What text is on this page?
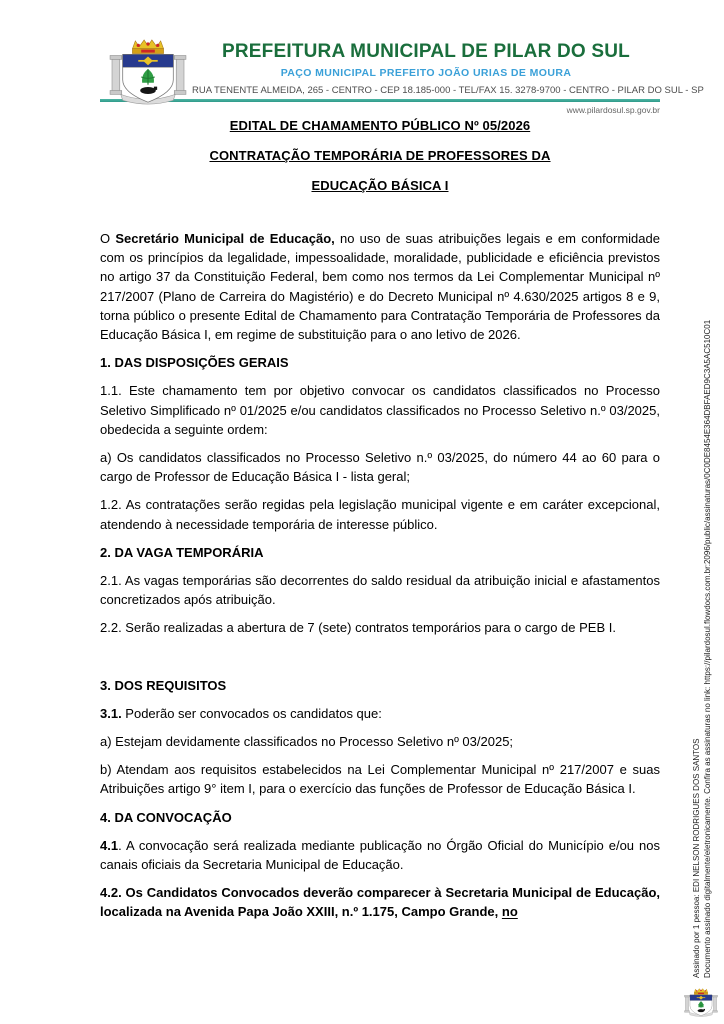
PREFEITURA MUNICIPAL DE PILAR DO SUL
PAÇO MUNICIPAL PREFEITO JOÃO URIAS DE MOURA
RUA TENENTE ALMEIDA, 265 - CENTRO - CEP 18.185-000 - TEL/FAX 15. 3278-9700 - CENTRO - PILAR DO SUL - SP
www.pilardosul.sp.gov.br
EDITAL DE CHAMAMENTO PÚBLICO Nº 05/2026
CONTRATAÇÃO TEMPORÁRIA DE PROFESSORES DA
EDUCAÇÃO BÁSICA I

O Secretário Municipal de Educação, no uso de suas atribuições legais e em conformidade com os princípios da legalidade, impessoalidade, moralidade, publicidade e eficiência previstos no artigo 37 da Constituição Federal, bem como nos termos da Lei Complementar Municipal nº 217/2007 (Plano de Carreira do Magistério) e do Decreto Municipal nº 4.630/2025 artigos 8 e 9, torna público o presente Edital de Chamamento para Contratação Temporária de Professores da Educação Básica I, em regime de substituição para o ano letivo de 2026.

1. DAS DISPOSIÇÕES GERAIS

1.1. Este chamamento tem por objetivo convocar os candidatos classificados no Processo Seletivo Simplificado nº 01/2025 e/ou candidatos classificados no Processo Seletivo n.º 03/2025, obedecida a seguinte ordem:

a) Os candidatos classificados no Processo Seletivo n.º 03/2025, do número 44 ao 60 para o cargo de Professor de Educação Básica I - lista geral;

1.2. As contratações serão regidas pela legislação municipal vigente e em caráter excepcional, atendendo à necessidade temporária de interesse público.

2. DA VAGA TEMPORÁRIA

2.1. As vagas temporárias são decorrentes do saldo residual da atribuição inicial e afastamentos concretizados após atribuição.

2.2. Serão realizadas a abertura de 7 (sete) contratos temporários para o cargo de PEB I.

3. DOS REQUISITOS

3.1. Poderão ser convocados os candidatos que:

a) Estejam devidamente classificados no Processo Seletivo nº 03/2025;

b) Atendam aos requisitos estabelecidos na Lei Complementar Municipal nº 217/2007 e suas Atribuições artigo 9° item I, para o exercício das funções de Professor de Educação Básica I.

4. DA CONVOCAÇÃO

4.1. A convocação será realizada mediante publicação no Órgão Oficial do Município e/ou nos canais oficiais da Secretaria Municipal de Educação.

4.2. Os Candidatos Convocados deverão comparecer à Secretaria Municipal de Educação, localizada na Avenida Papa João XXIII, n.º 1.175, Campo Grande, no	Assinado por 1 pessoa: EDI NELSON RODRIGUES DOS SANTOS Documento assinado digitalmente/eletronicamente. Confira as assinaturas no link: https://pilardosul.flowdocs.com.br:2096/public/assinaturas/0C0DE8454E364DBFAED9C3A5AC510C01
